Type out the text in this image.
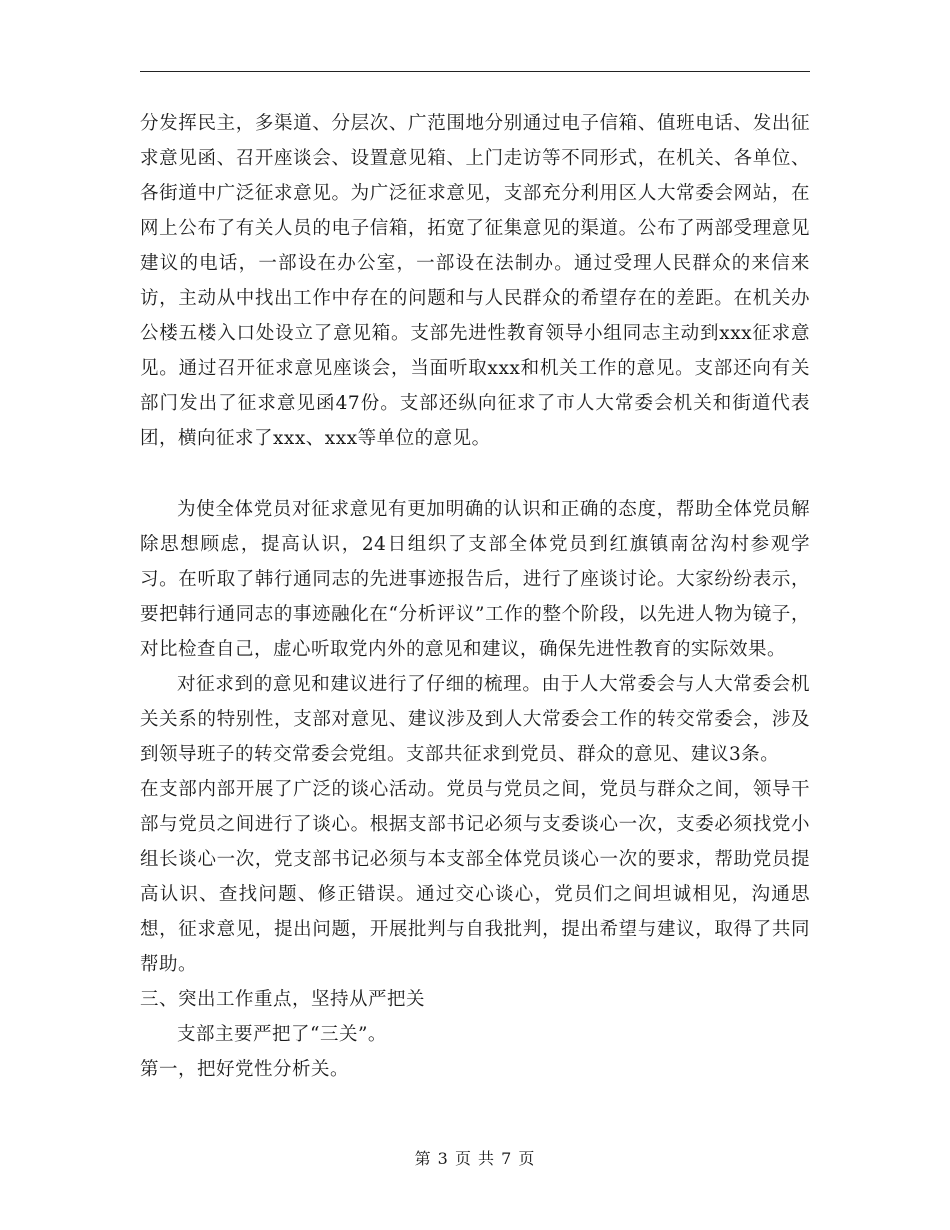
分发挥民主，多渠道、分层次、广范围地分别通过电子信箱、值班电话、发出征求意见函、召开座谈会、设置意见箱、上门走访等不同形式，在机关、各单位、各街道中广泛征求意见。为广泛征求意见，支部充分利用区人大常委会网站，在网上公布了有关人员的电子信箱，拓宽了征集意见的渠道。公布了两部受理意见建议的电话，一部设在办公室，一部设在法制办。通过受理人民群众的来信来访，主动从中找出工作中存在的问题和与人民群众的希望存在的差距。在机关办公楼五楼入口处设立了意见箱。支部先进性教育领导小组同志主动到xxx征求意见。通过召开征求意见座谈会，当面听取xxx和机关工作的意见。支部还向有关部门发出了征求意见函47份。支部还纵向征求了市人大常委会机关和街道代表团，横向征求了xxx、xxx等单位的意见。

为使全体党员对征求意见有更加明确的认识和正确的态度，帮助全体党员解除思想顾虑，提高认识，24日组织了支部全体党员到红旗镇南岔沟村参观学习。在听取了韩行通同志的先进事迹报告后，进行了座谈讨论。大家纷纷表示，要把韩行通同志的事迹融化在“分析评议”工作的整个阶段，以先进人物为镜子，对比检查自己，虚心听取党内外的意见和建议，确保先进性教育的实际效果。

对征求到的意见和建议进行了仔细的梳理。由于人大常委会与人大常委会机关关系的特别性，支部对意见、建议涉及到人大常委会工作的转交常委会，涉及到领导班子的转交常委会党组。支部共征求到党员、群众的意见、建议3条。

在支部内部开展了广泛的谈心活动。党员与党员之间，党员与群众之间，领导干部与党员之间进行了谈心。根据支部书记必须与支委谈心一次，支委必须找党小组长谈心一次，党支部书记必须与本支部全体党员谈心一次的要求，帮助党员提高认识、查找问题、修正错误。通过交心谈心，党员们之间坦诚相见，沟通思想，征求意见，提出问题，开展批判与自我批判，提出希望与建议，取得了共同帮助。

三、突出工作重点，坚持从严把关

支部主要严把了“三关”。

第一，把好党性分析关。

第 3 页 共 7 页
